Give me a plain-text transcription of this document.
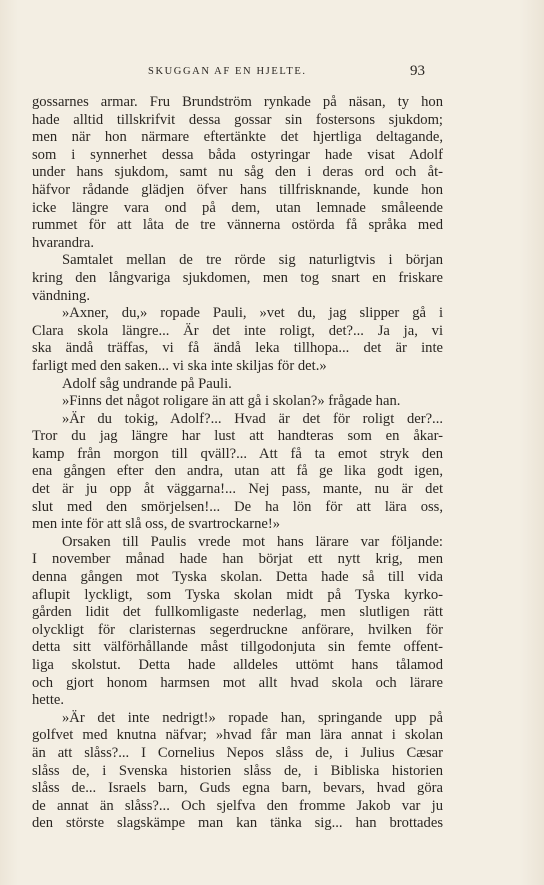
SKUGGAN AF EN HJELTE.	93
gossarnes armar. Fru Brundström rynkade på näsan, ty hon
hade alltid tillskrifvit dessa gossar sin fostersons sjukdom;
men när hon närmare eftertänkte det hjertliga deltagande,
som i synnerhet dessa båda ostyringar hade visat Adolf
under hans sjukdom, samt nu såg den i deras ord och åt-
häfvor rådande glädjen öfver hans tillfrisknande, kunde hon
icke längre vara ond på dem, utan lemnade småleende
rummet för att låta de tre vännerna ostörda få språka med
hvarandra.
Samtalet mellan de tre rörde sig naturligtvis i början
kring den långvariga sjukdomen, men tog snart en friskare
vändning.
»Axner, du,» ropade Pauli, »vet du, jag slipper gå i
Clara skola längre... Är det inte roligt, det?... Ja ja, vi
ska ändå träffas, vi få ändå leka tillhopa... det är inte
farligt med den saken... vi ska inte skiljas för det.»
Adolf såg undrande på Pauli.
»Finns det något roligare än att gå i skolan?» frågade han.
»Är du tokig, Adolf?... Hvad är det för roligt der?...
Tror du jag längre har lust att handteras som en åkar-
kamp från morgon till qväll?... Att få ta emot stryk den
ena gången efter den andra, utan att få ge lika godt igen,
det är ju opp åt väggarna!... Nej pass, mante, nu är det
slut med den smörjelsen!... De ha lön för att lära oss,
men inte för att slå oss, de svartrockarne!»
Orsaken till Paulis vrede mot hans lärare var följande:
I november månad hade han börjat ett nytt krig, men
denna gången mot Tyska skolan. Detta hade så till vida
aflupit lyckligt, som Tyska skolan midt på Tyska kyrko-
gården lidit det fullkomligaste nederlag, men slutligen rätt
olyckligt för claristernas segerdruckne anförare, hvilken för
detta sitt välförhållande måst tillgodonjuta sin femte offent-
liga skolstut. Detta hade alldeles uttömt hans tålamod
och gjort honom harmsen mot allt hvad skola och lärare
hette.
»Är det inte nedrigt!» ropade han, springande upp på
golfvet med knutna näfvar; »hvad får man lära annat i skolan
än att slåss?... I Cornelius Nepos slåss de, i Julius Cæsar
slåss de, i Svenska historien slåss de, i Bibliska historien
slåss de... Israels barn, Guds egna barn, bevars, hvad göra
de annat än slåss?... Och sjelfva den fromme Jakob var ju
den störste slagskämpe man kan tänka sig... han brottades
